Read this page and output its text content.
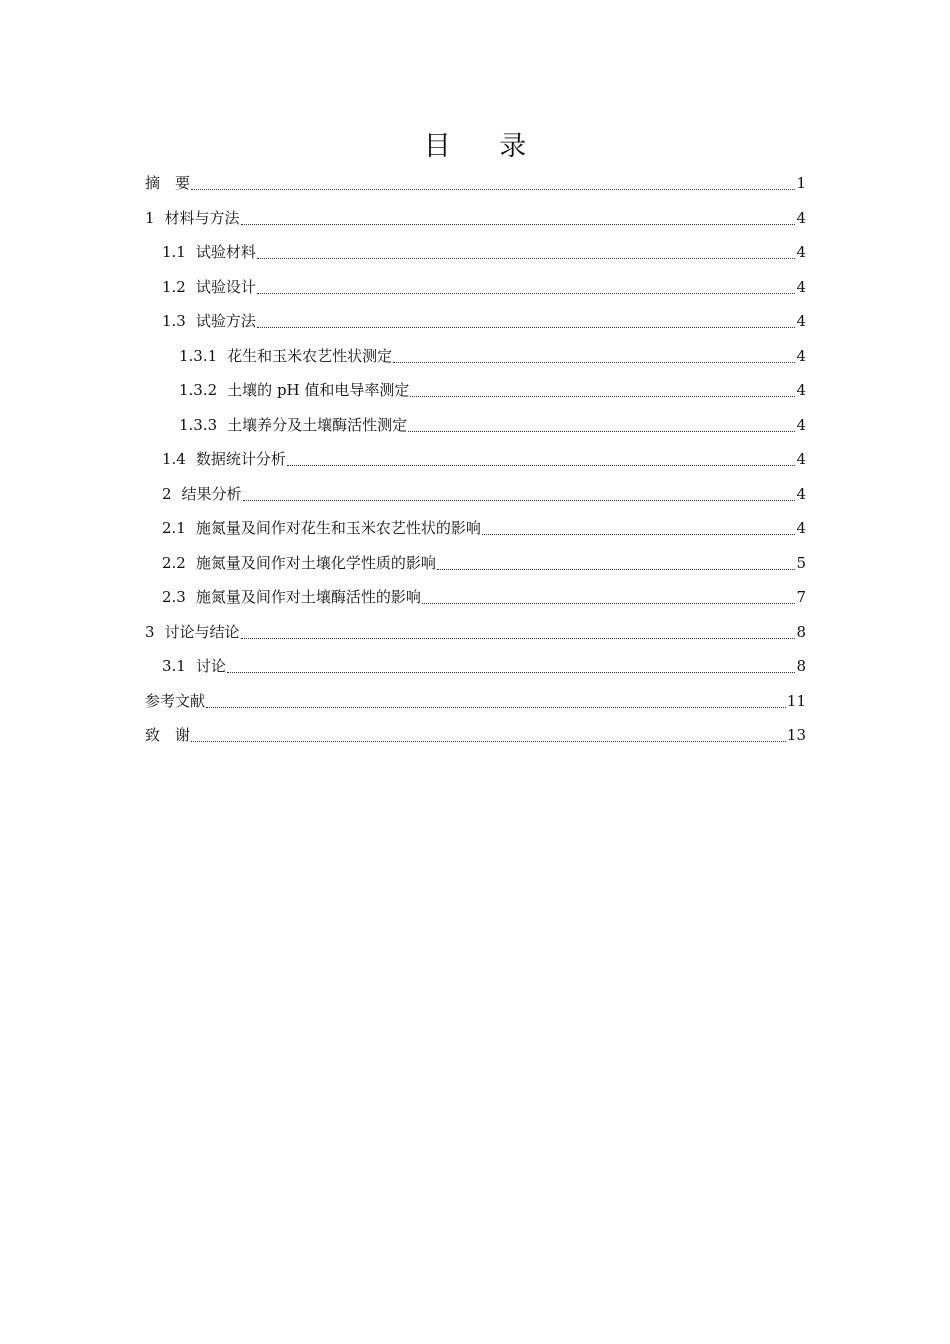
目 录
摘　要	1
1 材料与方法	4
1.1 试验材料	4
1.2 试验设计	4
1.3 试验方法	4
1.3.1 花生和玉米农艺性状测定	4
1.3.2 土壤的 pH 值和电导率测定	4
1.3.3 土壤养分及土壤酶活性测定	4
1.4 数据统计分析	4
2 结果分析	4
2.1 施氮量及间作对花生和玉米农艺性状的影响	4
2.2 施氮量及间作对土壤化学性质的影响	5
2.3 施氮量及间作对土壤酶活性的影响	7
3 讨论与结论	8
3.1 讨论	8
参考文献	11
致　谢	13
